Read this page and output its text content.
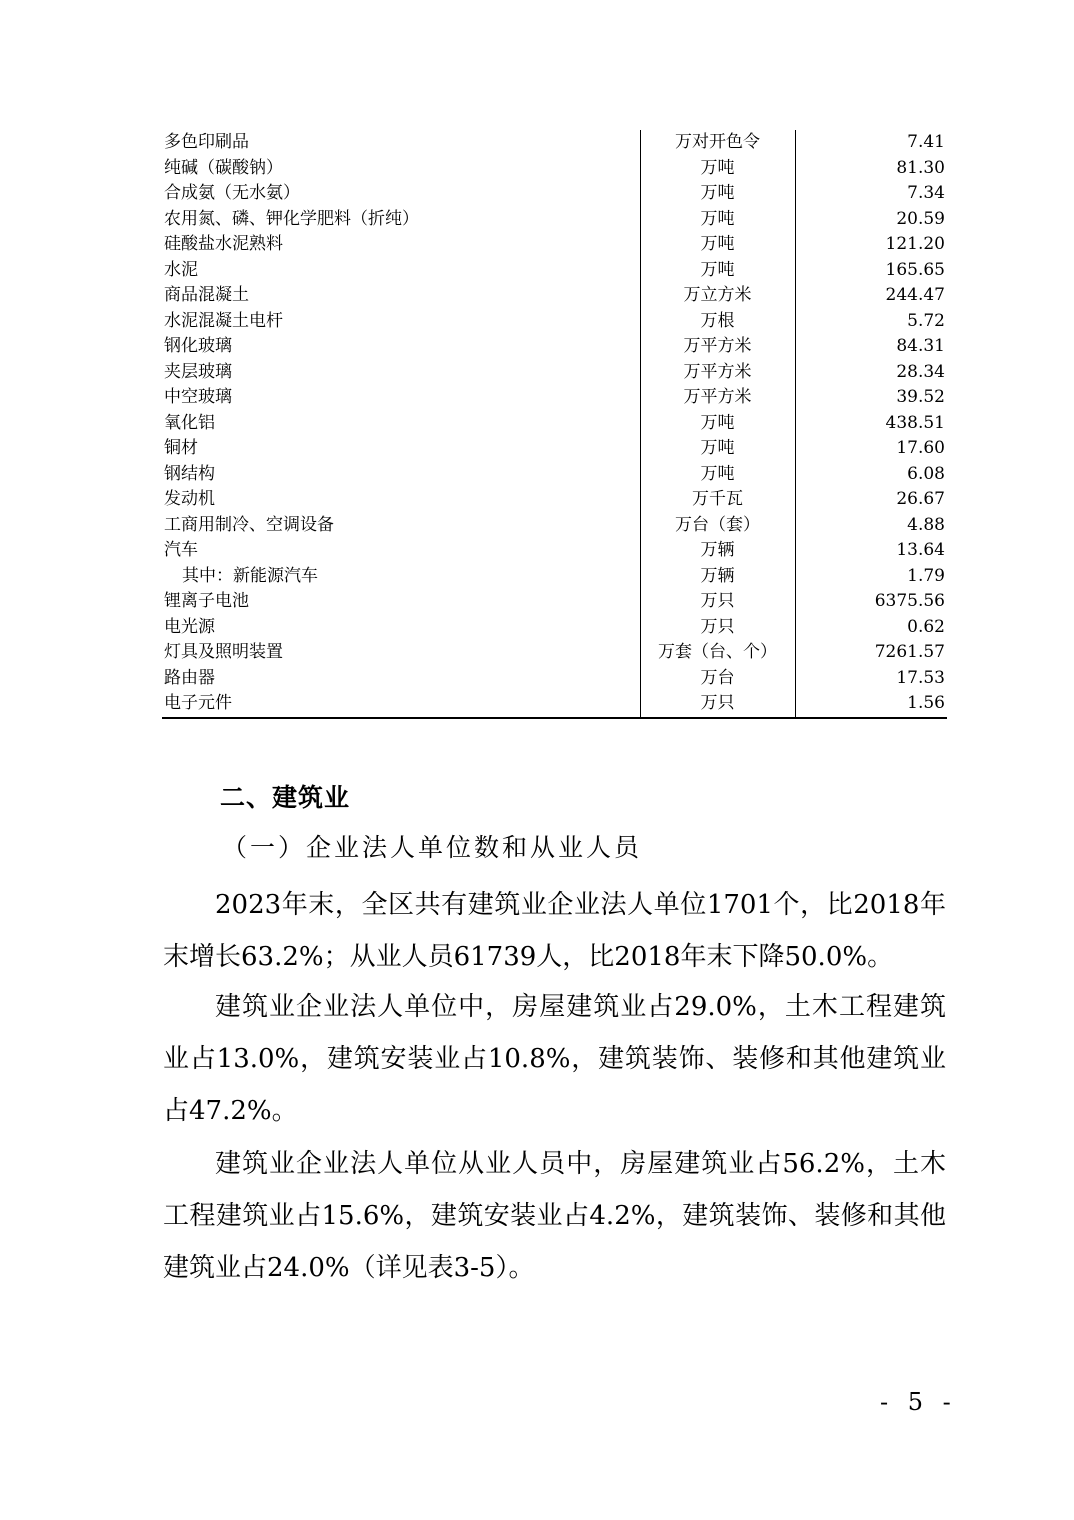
多色印刷品	万对开色令	7.41
纯碱（碳酸钠）	万吨	81.30
合成氨（无水氨）	万吨	7.34
农用氮、磷、钾化学肥料（折纯）	万吨	20.59
硅酸盐水泥熟料	万吨	121.20
水泥	万吨	165.65
商品混凝土	万立方米	244.47
水泥混凝土电杆	万根	5.72
钢化玻璃	万平方米	84.31
夹层玻璃	万平方米	28.34
中空玻璃	万平方米	39.52
氧化铝	万吨	438.51
铜材	万吨	17.60
钢结构	万吨	6.08
发动机	万千瓦	26.67
工商用制冷、空调设备	万台（套）	4.88
汽车	万辆	13.64
其中：新能源汽车	万辆	1.79
锂离子电池	万只	6375.56
电光源	万只	0.62
灯具及照明装置	万套（台、个）	7261.57
路由器	万台	17.53
电子元件	万只	1.56
二、建筑业
（一）企业法人单位数和从业人员

2023年末，全区共有建筑业企业法人单位1701个，比2018年末增长63.2%；从业人员61739人，比2018年末下降50.0%。

建筑业企业法人单位中，房屋建筑业占29.0%，土木工程建筑业占13.0%，建筑安装业占10.8%，建筑装饰、装修和其他建筑业占47.2%。

建筑业企业法人单位从业人员中，房屋建筑业占56.2%，土木工程建筑业占15.6%，建筑安装业占4.2%，建筑装饰、装修和其他建筑业占24.0%（详见表3-5）。

- 5 -
